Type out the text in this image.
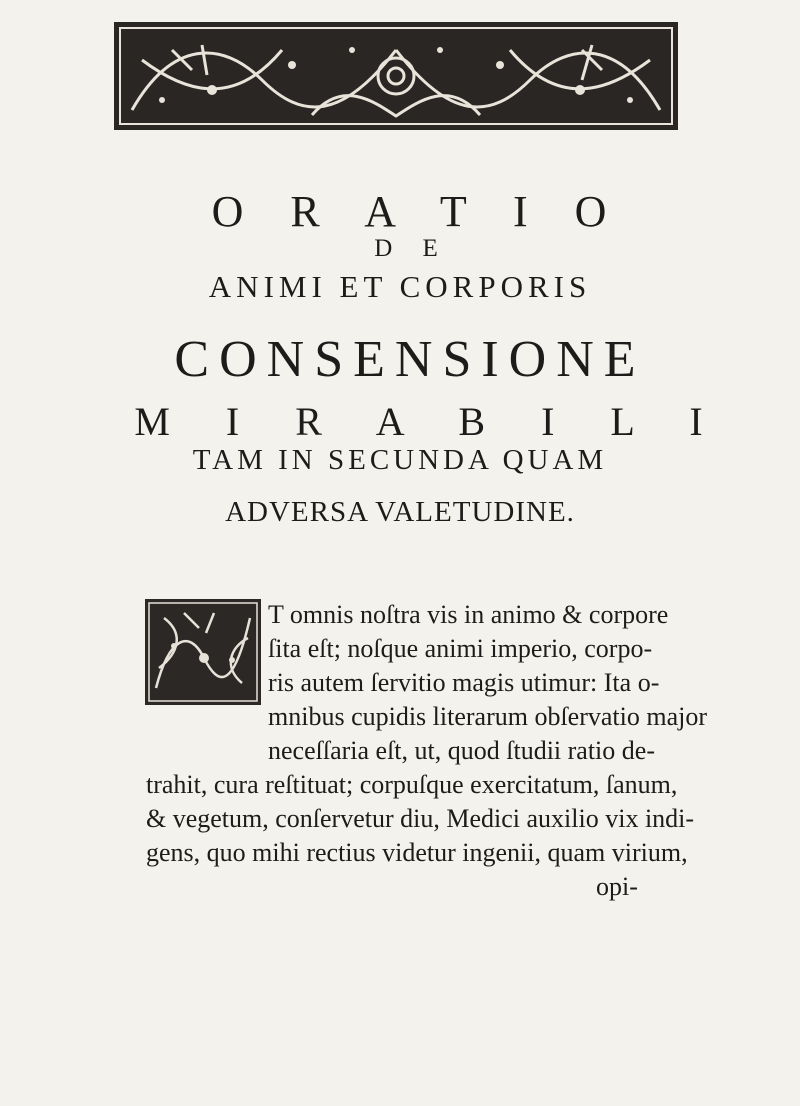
O R A T I O
D E
ANIMI ET CORPORIS
CONSENSIONE
M I R A B I L I
TAM IN SECUNDA QUAM
ADVERSA VALETUDINE.
T omnis noſtra vis in animo & corpore
ſita eſt; noſque animi imperio, corpo-
ris autem ſervitio magis utimur: Ita o-
mnibus cupidis literarum obſervatio major
neceſſaria eſt, ut, quod ſtudii ratio de-
trahit, cura reſtituat; corpuſque exercitatum, ſanum,
& vegetum, conſervetur diu, Medici auxilio vix indi-
gens, quo mihi rectius videtur ingenii, quam virium,
opi-
